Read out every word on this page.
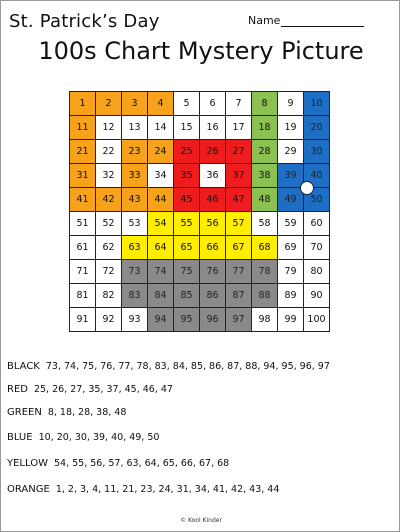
St. Patrick’s Day	Name
100s Chart Mystery Picture
1	2	3	4	5	6	7	8	9	10
11	12	13	14	15	16	17	18	19	20
21	22	23	24	25	26	27	28	29	30
31	32	33	34	35	36	37	38	39	40
41	42	43	44	45	46	47	48	49	50
51	52	53	54	55	56	57	58	59	60
61	62	63	64	65	66	67	68	69	70
71	72	73	74	75	76	77	78	79	80
81	82	83	84	85	86	87	88	89	90
91	92	93	94	95	96	97	98	99	100
BLACK 73, 74, 75, 76, 77, 78, 83, 84, 85, 86, 87, 88, 94, 95, 96, 97
RED 25, 26, 27, 35, 37, 45, 46, 47
GREEN 8, 18, 28, 38, 48
BLUE 10, 20, 30, 39, 40, 49, 50
YELLOW 54, 55, 56, 57, 63, 64, 65, 66, 67, 68
ORANGE 1, 2, 3, 4, 11, 21, 23, 24, 31, 34, 41, 42, 43, 44
© Kool Kinder
